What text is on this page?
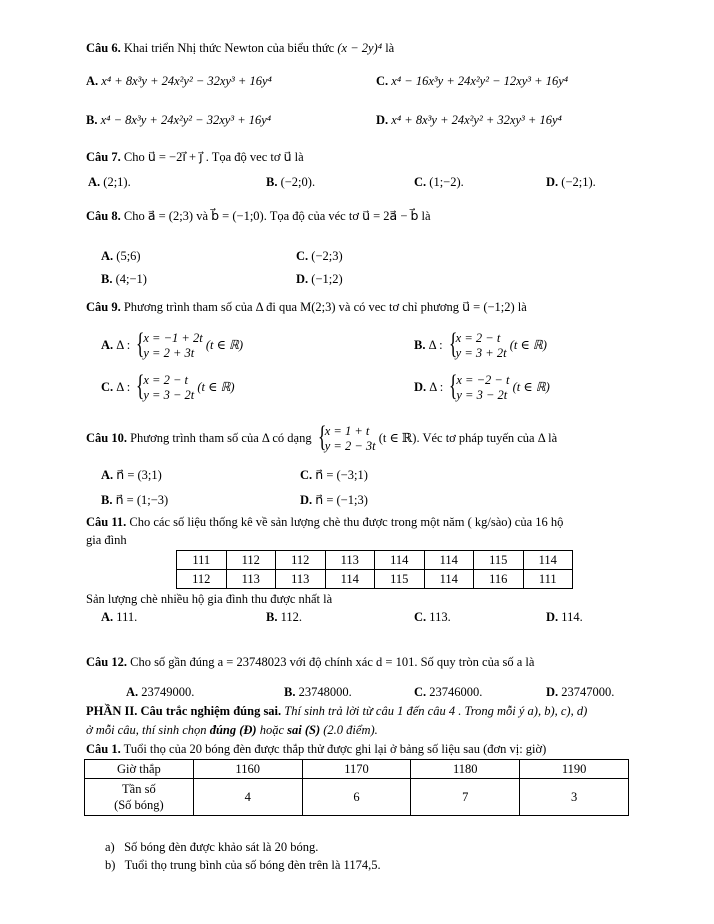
Câu 6. Khai triển Nhị thức Newton của biểu thức (x − 2y)⁴ là
A. x⁴ + 8x³y + 24x²y² − 32xy³ + 16y⁴	C. x⁴ − 16x³y + 24x²y² − 12xy³ + 16y⁴
B. x⁴ − 8x³y + 24x²y² − 32xy³ + 16y⁴	D. x⁴ + 8x³y + 24x²y² + 32xy³ + 16y⁴
Câu 7. Cho u⃗ = −2i⃗ + j⃗ . Tọa độ vec tơ u⃗ là
A. (2;1).	B. (−2;0).	C. (1;−2).	D. (−2;1).
Câu 8. Cho a⃗ = (2;3) và b⃗ = (−1;0). Tọa độ của véc tơ u⃗ = 2a⃗ − b⃗ là
A. (5;6)	C. (−2;3)
B. (4;−1)	D. (−1;2)
Câu 9. Phương trình tham số của Δ đi qua M(2;3) và có vec tơ chỉ phương u⃗ = (−1;2) là
A. Δ : {
x = −1 + 2t
y = 2 + 3t
(t ∈ ℝ)	B. Δ : {
x = 2 − t
y = 3 + 2t
(t ∈ ℝ)
C. Δ : {
x = 2 − t
y = 3 − 2t
(t ∈ ℝ)	D. Δ : {
x = −2 − t
y = 3 − 2t
(t ∈ ℝ)
Câu 10. Phương trình tham số của Δ có dạng {
x = 1 + t
y = 2 − 3t
(t ∈ ℝ). Véc tơ pháp tuyến của Δ là
A. n⃗ = (3;1)	C. n⃗ = (−3;1)
B. n⃗ = (1;−3)	D. n⃗ = (−1;3)
Câu 11. Cho các số liệu thống kê về sản lượng chè thu được trong một năm ( kg/sào) của 16 hộ
gia đình
111	112	112	113	114	114	115	114
112	113	113	114	115	114	116	111
Sản lượng chè nhiều hộ gia đình thu được nhất là
A. 111.	B. 112.	C. 113.	D. 114.
Câu 12. Cho số gần đúng a = 23748023 với độ chính xác d = 101. Số quy tròn của số a là
A. 23749000.	B. 23748000.	C. 23746000.	D. 23747000.
PHẦN II. Câu trắc nghiệm đúng sai. Thí sinh trả lời từ câu 1 đến câu 4 . Trong mỗi ý a), b), c), d)
ở mỗi câu, thí sinh chọn đúng (Đ) hoặc sai (S) (2.0 điểm).
Câu 1. Tuổi thọ của 20 bóng đèn được thắp thử được ghi lại ở bảng số liệu sau (đơn vị: giờ)
Giờ thắp	1160	1170	1180	1190

Tần số
(Số bóng)	4	6	7	3
a) Số bóng đèn được khảo sát là 20 bóng.
b) Tuổi thọ trung bình của số bóng đèn trên là 1174,5.
